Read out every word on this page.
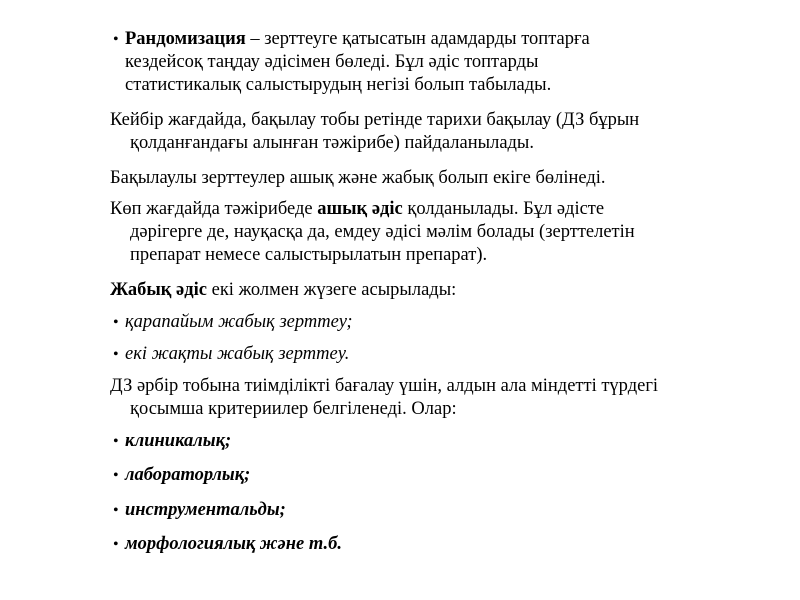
• Рандомизация – зерттеуге қатысатын адамдарды топтарға
кездейсоқ таңдау әдісімен бөледі. Бұл әдіс топтарды
статистикалық салыстырудың негізі болып табылады.
Кейбір жағдайда, бақылау тобы ретінде тарихи бақылау (ДЗ бұрын
қолданғандағы алынған тәжірибе) пайдаланылады.
Бақылаулы зерттеулер ашық және жабық болып екіге бөлінеді.
Көп жағдайда тәжірибеде ашық әдіс қолданылады. Бұл әдісте
дәрігерге де, науқасқа да, емдеу әдісі мәлім болады (зерттелетін
препарат немесе салыстырылатын препарат).
Жабық әдіс екі жолмен жүзеге асырылады:
• қарапайым жабық зерттеу;
• екі жақты жабық зерттеу.
ДЗ әрбір тобына тиімділікті бағалау үшін, алдын ала міндетті түрдегі
қосымша критериилер белгіленеді. Олар:
• клиникалық;
• лабораторлық;
• инструментальды;
• морфологиялық және т.б.
